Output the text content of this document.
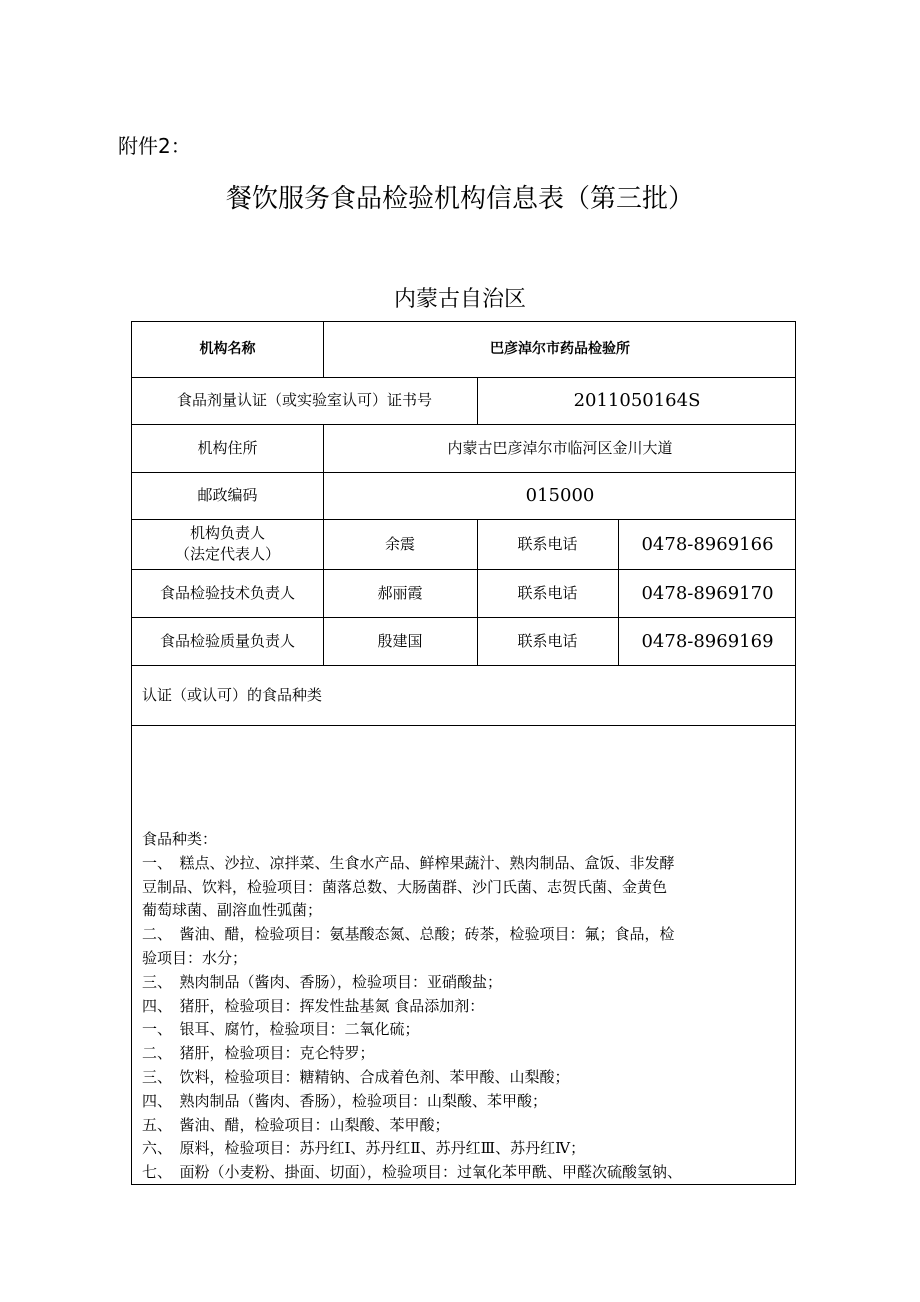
附件2：
餐饮服务食品检验机构信息表（第三批）
内蒙古自治区
机构名称	巴彦淖尔市药品检验所
食品剂量认证（或实验室认可）证书号	2011050164S
机构住所	内蒙古巴彦淖尔市临河区金川大道
邮政编码	015000
机构负责人
（法定代表人）
余震	联系电话	0478-8969166
食品检验技术负责人	郝丽霞	联系电话	0478-8969170
食品检验质量负责人	殷建国	联系电话	0478-8969169
认证（或认可）的食品种类
食品种类：
一、　糕点、沙拉、凉拌菜、生食水产品、鲜榨果蔬汁、熟肉制品、盒饭、非发酵
豆制品、饮料，检验项目：菌落总数、大肠菌群、沙门氏菌、志贺氏菌、金黄色
葡萄球菌、副溶血性弧菌；
二、　酱油、醋，检验项目：氨基酸态氮、总酸；砖茶，检验项目：氟；食品，检
验项目：水分；
三、　熟肉制品（酱肉、香肠），检验项目：亚硝酸盐；
四、　猪肝，检验项目：挥发性盐基氮 食品添加剂：
一、　银耳、腐竹，检验项目：二氧化硫；
二、　猪肝，检验项目：克仑特罗；
三、　饮料，检验项目：糖精钠、合成着色剂、苯甲酸、山梨酸；
四、　熟肉制品（酱肉、香肠），检验项目：山梨酸、苯甲酸；
五、　酱油、醋，检验项目：山梨酸、苯甲酸；
六、　原料，检验项目：苏丹红Ⅰ、苏丹红Ⅱ、苏丹红Ⅲ、苏丹红Ⅳ；
七、　面粉（小麦粉、掛面、切面），检验项目：过氧化苯甲酰、甲醛次硫酸氢钠、
